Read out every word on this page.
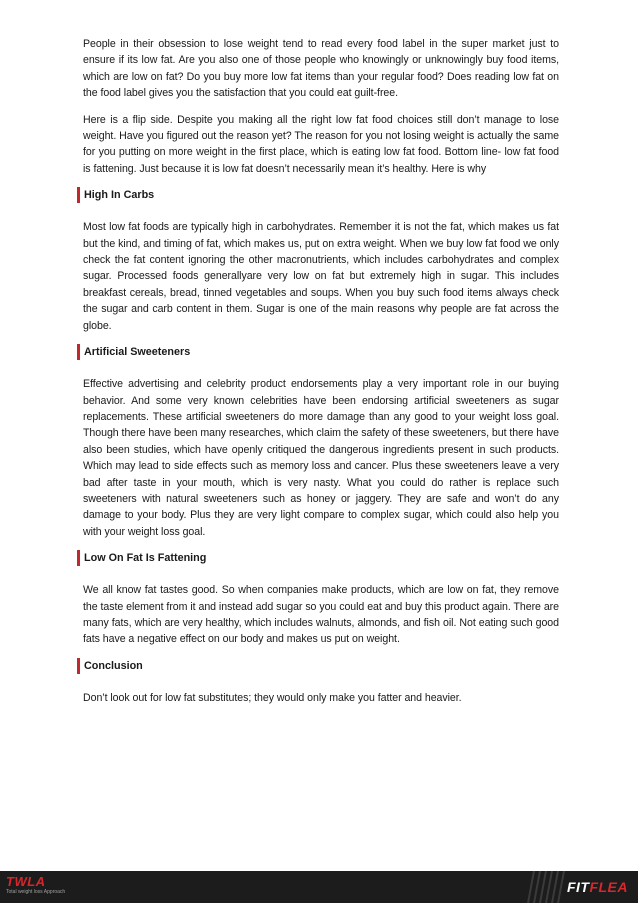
People in their obsession to lose weight tend to read every food label in the super market just to ensure if its low fat. Are you also one of those people who knowingly or unknowingly buy food items, which are low on fat? Do you buy more low fat items than your regular food? Does reading low fat on the food label gives you the satisfaction that you could eat guilt-free.

Here is a flip side. Despite you making all the right low fat food choices still don’t manage to lose weight. Have you figured out the reason yet? The reason for you not losing weight is actually the same for you putting on more weight in the first place, which is eating low fat food. Bottom line- low fat food is fattening. Just because it is low fat doesn’t necessarily mean it’s healthy. Here is why

High In Carbs

Most low fat foods are typically high in carbohydrates. Remember it is not the fat, which makes us fat but the kind, and timing of fat, which makes us, put on extra weight. When we buy low fat food we only check the fat content ignoring the other macronutrients, which includes carbohydrates and complex sugar. Processed foods generallyare very low on fat but extremely high in sugar. This includes breakfast cereals, bread, tinned vegetables and soups. When you buy such food items always check the sugar and carb content in them. Sugar is one of the main reasons why people are fat across the globe.

Artificial Sweeteners

Effective advertising and celebrity product endorsements play a very important role in our buying behavior. And some very known celebrities have been endorsing artificial sweeteners as sugar replacements. These artificial sweeteners do more damage than any good to your weight loss goal. Though there have been many researches, which claim the safety of these sweeteners, but there have also been studies, which have openly critiqued the dangerous ingredients present in such products. Which may lead to side effects such as memory loss and cancer. Plus these sweeteners leave a very bad after taste in your mouth, which is very nasty. What you could do rather is replace such sweeteners with natural sweeteners such as honey or jaggery. They are safe and won’t do any damage to your body. Plus they are very light compare to complex sugar, which could also help you with your weight loss goal.

Low On Fat Is Fattening

We all know fat tastes good. So when companies make products, which are low on fat, they remove the taste element from it and instead add sugar so you could eat and buy this product again. There are many fats, which are very healthy, which includes walnuts, almonds, and fish oil. Not eating such good fats have a negative effect on our body and makes us put on weight.

Conclusion

Don’t look out for low fat substitutes; they would only make you fatter and heavier.

TWLA
Total weight loss Approach	FITFLEA
